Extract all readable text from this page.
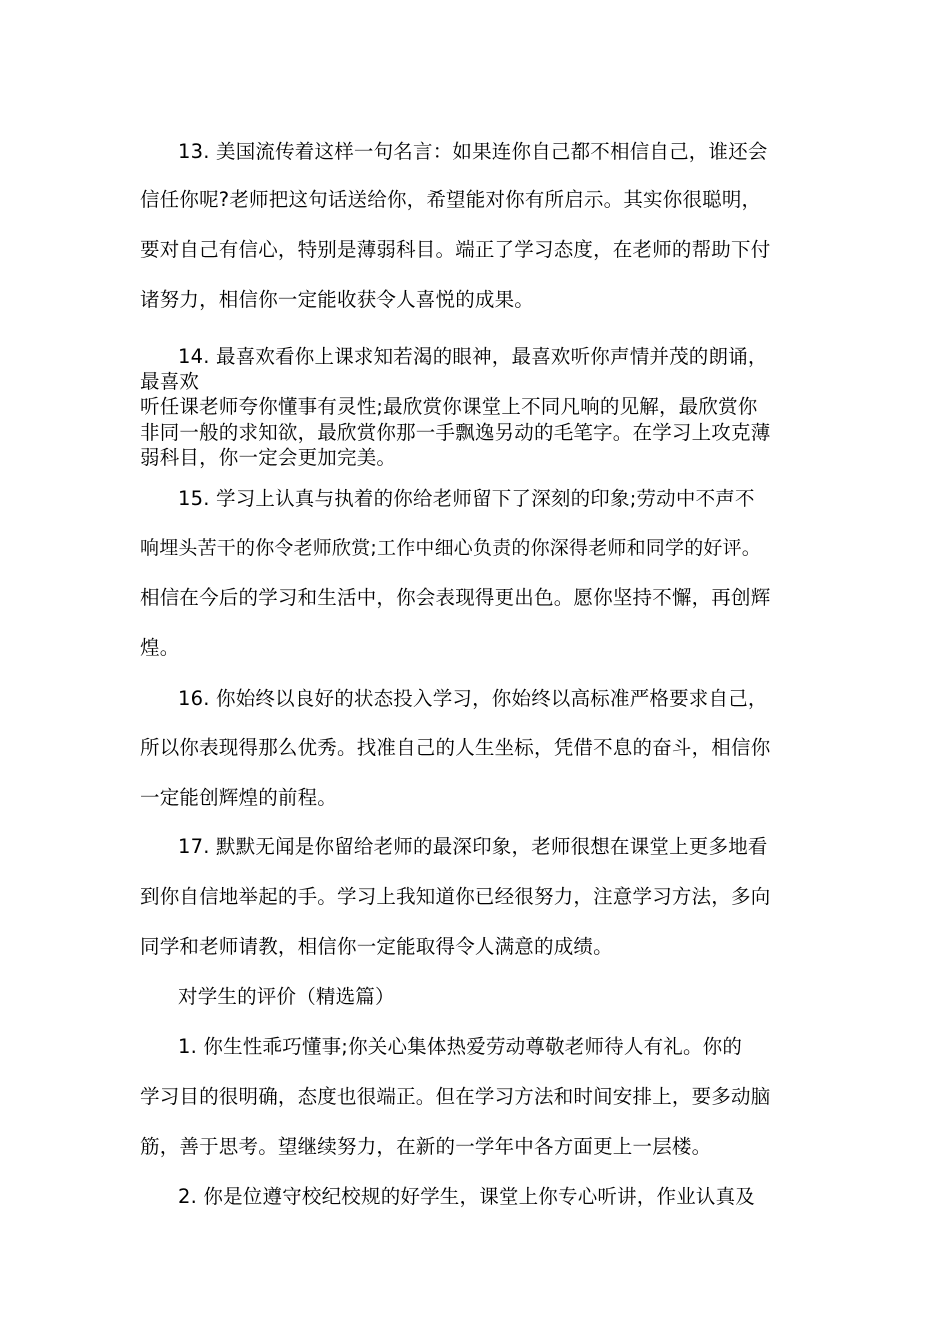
13. 美国流传着这样一句名言：如果连你自己都不相信自己，谁还会
信任你呢?老师把这句话送给你，希望能对你有所启示。其实你很聪明，
要对自己有信心，特别是薄弱科目。端正了学习态度，在老师的帮助下付
诸努力，相信你一定能收获令人喜悦的成果。
14. 最喜欢看你上课求知若渴的眼神，最喜欢听你声情并茂的朗诵，
最喜欢
听任课老师夸你懂事有灵性;最欣赏你课堂上不同凡响的见解，最欣赏你
非同一般的求知欲，最欣赏你那一手飘逸另动的毛笔字。在学习上攻克薄
弱科目，你一定会更加完美。
15. 学习上认真与执着的你给老师留下了深刻的印象;劳动中不声不
响埋头苦干的你令老师欣赏;工作中细心负责的你深得老师和同学的好评。
相信在今后的学习和生活中，你会表现得更出色。愿你坚持不懈，再创辉
煌。
16. 你始终以良好的状态投入学习，你始终以高标准严格要求自己，
所以你表现得那么优秀。找准自己的人生坐标，凭借不息的奋斗，相信你
一定能创辉煌的前程。
17. 默默无闻是你留给老师的最深印象，老师很想在课堂上更多地看
到你自信地举起的手。学习上我知道你已经很努力，注意学习方法，多向
同学和老师请教，相信你一定能取得令人满意的成绩。
对学生的评价（精选篇）
1. 你生性乖巧懂事;你关心集体热爱劳动尊敬老师待人有礼。你的
学习目的很明确，态度也很端正。但在学习方法和时间安排上，要多动脑
筋，善于思考。望继续努力，在新的一学年中各方面更上一层楼。
2. 你是位遵守校纪校规的好学生，课堂上你专心听讲，作业认真及
